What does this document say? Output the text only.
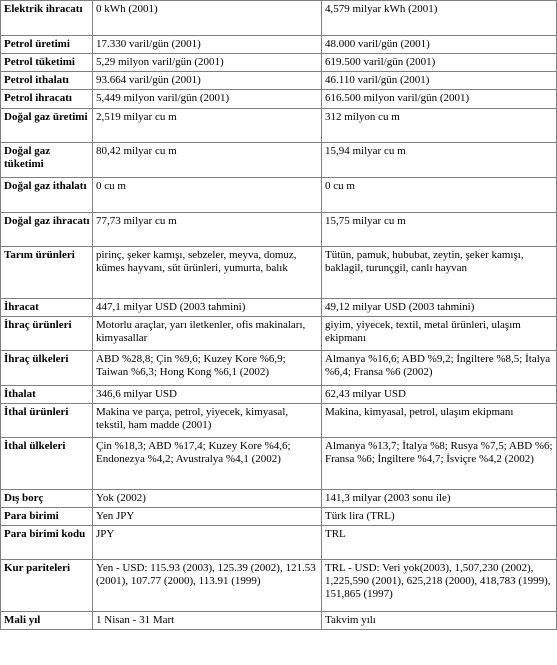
Elektrik ihracatı	0 kWh (2001)	4,579 milyar kWh (2001)
Petrol üretimi	17.330 varil/gün (2001)	48.000 varil/gün (2001)
Petrol tüketimi	5,29 milyon varil/gün (2001)	619.500 varil/gün (2001)
Petrol ithalatı	93.664 varil/gün (2001)	46.110 varil/gün (2001)
Petrol ihracatı	5,449 milyon varil/gün (2001)	616.500 milyon varil/gün (2001)
Doğal gaz üretimi	2,519 milyar cu m	312 milyon cu m
Doğal gaz tüketimi	80,42 milyar cu m	15,94 milyar cu m
Doğal gaz ithalatı	0 cu m	0 cu m
Doğal gaz ihracatı	77,73 milyar cu m	15,75 milyar cu m
Tarım ürünleri	pirinç, şeker kamışı, sebzeler, meyva, domuz, kümes hayvanı, süt ürünleri, yumurta, balık	Tütün, pamuk, hububat, zeytin, şeker kamışı, baklagil, turunçgil, canlı hayvan
İhracat	447,1 milyar USD (2003 tahmini)	49,12 milyar USD (2003 tahmini)
İhraç ürünleri	Motorlu araçlar, yarı iletkenler, ofis makinaları, kimyasallar	giyim, yiyecek, textil, metal ürünleri, ulaşım ekipmanı
İhraç ülkeleri	ABD %28,8; Çin %9,6; Kuzey Kore %6,9; Taiwan %6,3; Hong Kong %6,1 (2002)	Almanya %16,6; ABD %9,2; İngiltere %8,5; İtalya %6,4; Fransa %6 (2002)
İthalat	346,6 milyar USD	62,43 milyar USD
İthal ürünleri	Makina ve parça, petrol, yiyecek, kimyasal, tekstil, ham madde (2001)	Makina, kimyasal, petrol, ulaşım ekipmanı
İthal ülkeleri	Çin %18,3; ABD %17,4; Kuzey Kore %4,6; Endonezya %4,2; Avustralya %4,1 (2002)	Almanya %13,7; İtalya %8; Rusya %7,5; ABD %6; Fransa %6; İngiltere %4,7; İsviçre %4,2 (2002)
Dış borç	Yok (2002)	141,3 milyar (2003 sonu ile)
Para birimi	Yen JPY	Türk lira (TRL)
Para birimi kodu	JPY	TRL
Kur pariteleri	Yen - USD: 115.93 (2003), 125.39 (2002), 121.53 (2001), 107.77 (2000), 113.91 (1999)	TRL - USD: Veri yok(2003), 1,507,230 (2002), 1,225,590 (2001), 625,218 (2000), 418,783 (1999), 151,865 (1997)
Mali yıl	1 Nisan - 31 Mart	Takvim yılı
